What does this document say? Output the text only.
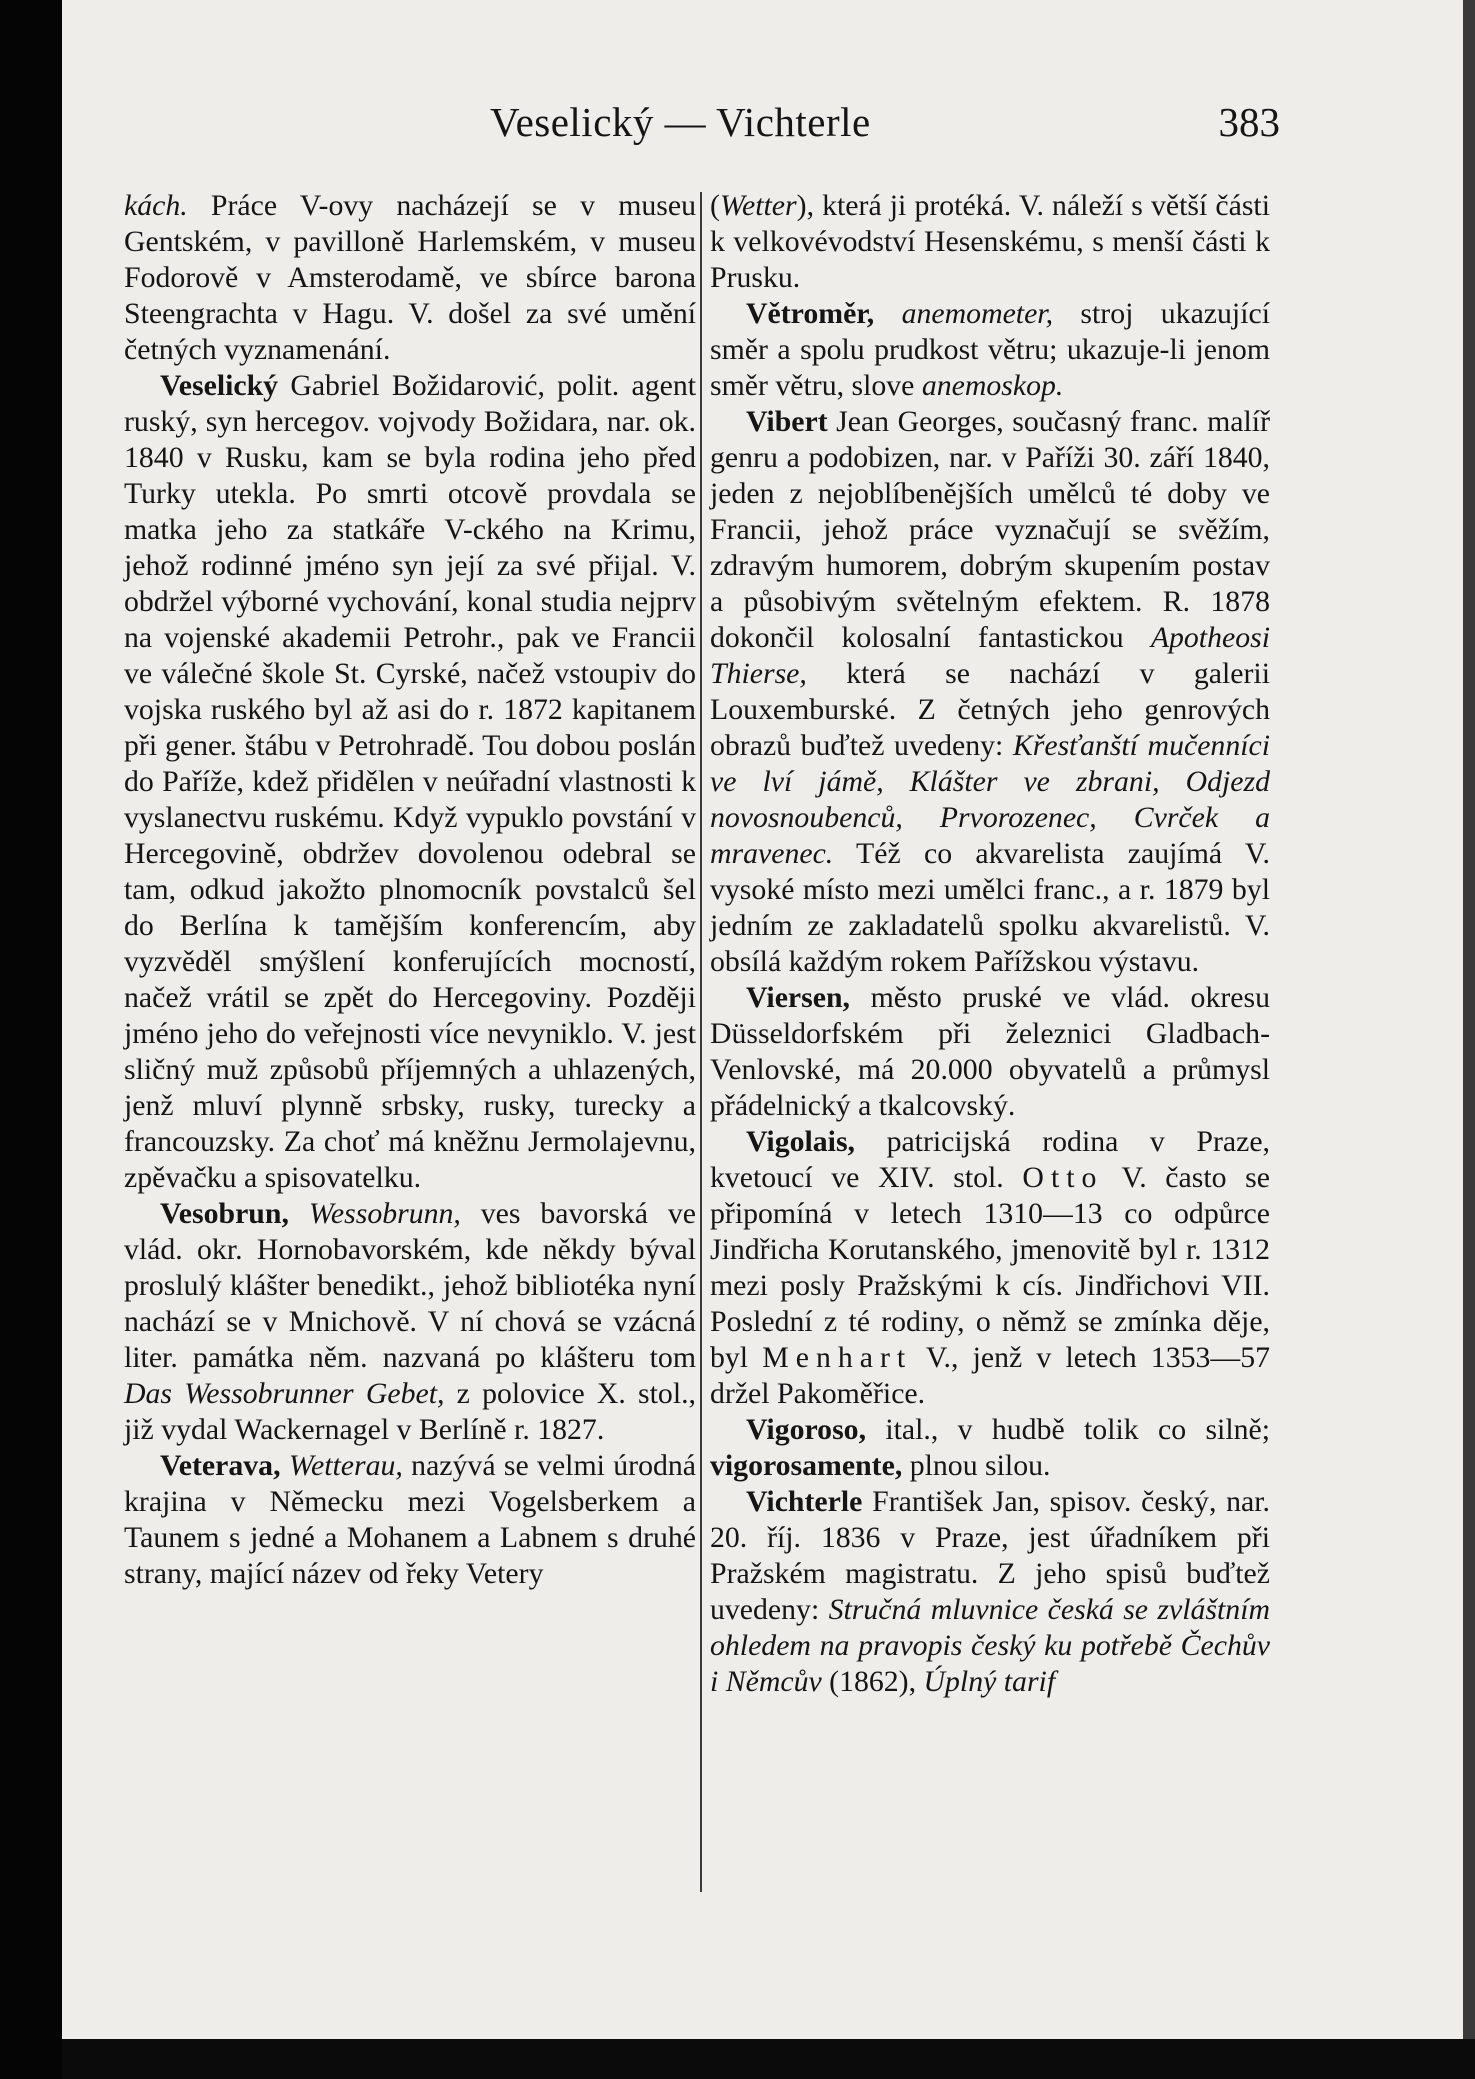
Veselický — Vichterle	383

kách. Práce V-ovy nacházejí se v museu Gentském, v pavilloně Harlemském, v museu Fodorově v Amsterodamě, ve sbírce barona Steengrachta v Hagu. V. došel za své umění četných vyznamenání.

Veselický Gabriel Božidarović, polit. agent ruský, syn hercegov. vojvody Božidara, nar. ok. 1840 v Rusku, kam se byla rodina jeho před Turky utekla. Po smrti otcově provdala se matka jeho za statkáře V-ckého na Krimu, jehož rodinné jméno syn její za své přijal. V. obdržel výborné vychování, konal studia nejprv na vojenské akademii Petrohr., pak ve Francii ve válečné škole St. Cyrské, načež vstoupiv do vojska ruského byl až asi do r. 1872 kapitanem při gener. štábu v Petrohradě. Tou dobou poslán do Paříže, kdež přidělen v neúřadní vlastnosti k vyslanectvu ruskému. Když vypuklo povstání v Hercegovině, obdržev dovolenou odebral se tam, odkud jakožto plnomocník povstalců šel do Berlína k tamějším konferencím, aby vyzvěděl smýšlení konferujících mocností, načež vrátil se zpět do Hercegoviny. Později jméno jeho do veřejnosti více nevyniklo. V. jest sličný muž způsobů příjemných a uhlazených, jenž mluví plynně srbsky, rusky, turecky a francouzsky. Za choť má kněžnu Jermolajevnu, zpěvačku a spisovatelku.

Vesobrun, Wessobrunn, ves bavorská ve vlád. okr. Hornobavorském, kde někdy býval proslulý klášter benedikt., jehož bibliotéka nyní nachází se v Mnichově. V ní chová se vzácná liter. památka něm. nazvaná po klášteru tom Das Wessobrunner Gebet, z polovice X. stol., již vydal Wackernagel v Berlíně r. 1827.

Veterava, Wetterau, nazývá se velmi úrodná krajina v Německu mezi Vogelsberkem a Taunem s jedné a Mohanem a Labnem s druhé strany, mající název od řeky Vetery

(Wetter), která ji protéká. V. náleží s větší části k velkovévodství Hesenskému, s menší části k Prusku.

Větroměr, anemometer, stroj ukazující směr a spolu prudkost větru; ukazuje-li jenom směr větru, slove anemoskop.

Vibert Jean Georges, současný franc. malíř genru a podobizen, nar. v Paříži 30. září 1840, jeden z nejoblíbenějších umělců té doby ve Francii, jehož práce vyznačují se svěžím, zdravým humorem, dobrým skupením postav a působivým světelným efektem. R. 1878 dokončil kolosalní fantastickou Apotheosi Thierse, která se nachází v galerii Louxemburské. Z četných jeho genrových obrazů buďtež uvedeny: Křesťanští mučenníci ve lví jámě, Klášter ve zbrani, Odjezd novosnoubenců, Prvorozenec, Cvrček a mravenec. Též co akvarelista zaujímá V. vysoké místo mezi umělci franc., a r. 1879 byl jedním ze zakladatelů spolku akvarelistů. V. obsílá každým rokem Pařížskou výstavu.

Viersen, město pruské ve vlád. okresu Düsseldorfském při železnici Gladbach-Venlovské, má 20.000 obyvatelů a průmysl přádelnický a tkalcovský.

Vigolais, patricijská rodina v Praze, kvetoucí ve XIV. stol. Otto V. často se připomíná v letech 1310—13 co odpůrce Jindřicha Korutanského, jmenovitě byl r. 1312 mezi posly Pražskými k cís. Jindřichovi VII. Poslední z té rodiny, o němž se zmínka děje, byl Menhart V., jenž v letech 1353—57 držel Pakoměřice.

Vigoroso, ital., v hudbě tolik co silně; vigorosamente, plnou silou.

Vichterle František Jan, spisov. český, nar. 20. říj. 1836 v Praze, jest úřadníkem při Pražském magistratu. Z jeho spisů buďtež uvedeny: Stručná mluvnice česká se zvláštním ohledem na pravopis český ku potřebě Čechův i Němcův (1862), Úplný tarif
